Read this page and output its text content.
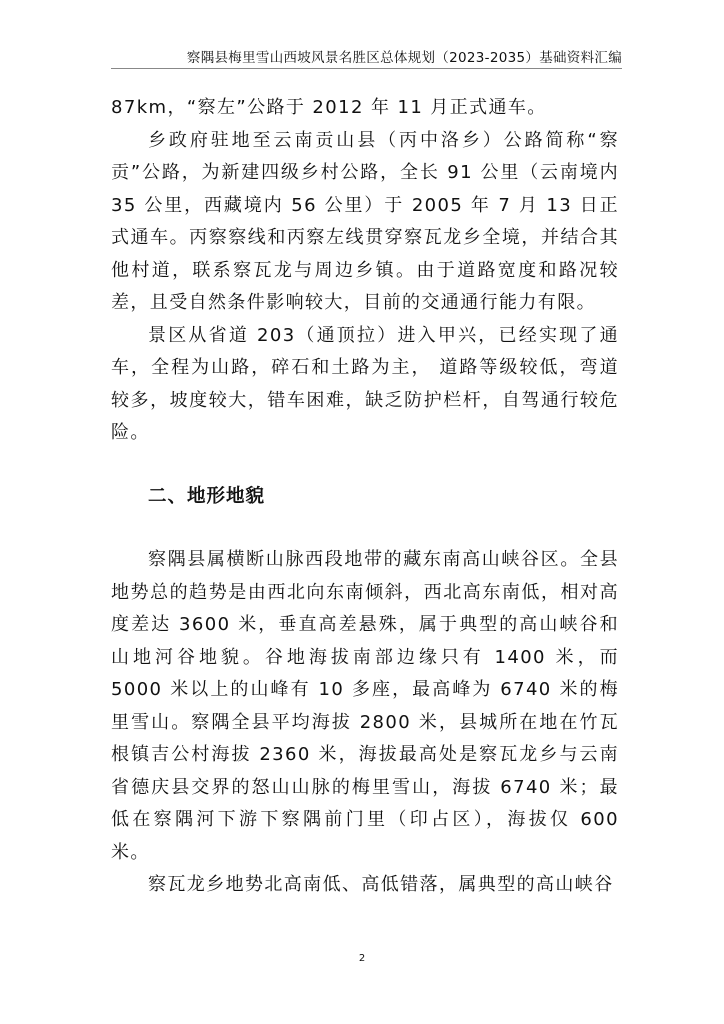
察隅县梅里雪山西坡风景名胜区总体规划（2023-2035）基础资料汇编

87km，“察左”公路于 2012 年 11 月正式通车。

乡政府驻地至云南贡山县（丙中洛乡）公路简称“察贡”公路，为新建四级乡村公路，全长 91 公里（云南境内 35 公里，西藏境内 56 公里）于 2005 年 7 月 13 日正式通车。丙察察线和丙察左线贯穿察瓦龙乡全境，并结合其他村道，联系察瓦龙与周边乡镇。由于道路宽度和路况较差，且受自然条件影响较大，目前的交通通行能力有限。

景区从省道 203（通顶拉）进入甲兴，已经实现了通车，全程为山路，碎石和土路为主， 道路等级较低，弯道较多，坡度较大，错车困难，缺乏防护栏杆，自驾通行较危险。

二、地形地貌

察隅县属横断山脉西段地带的藏东南高山峡谷区。全县地势总的趋势是由西北向东南倾斜，西北高东南低，相对高度差达 3600 米，垂直高差悬殊，属于典型的高山峡谷和山地河谷地貌。谷地海拔南部边缘只有 1400 米，而 5000 米以上的山峰有 10 多座，最高峰为 6740 米的梅里雪山。察隅全县平均海拔 2800 米，县城所在地在竹瓦根镇吉公村海拔 2360 米，海拔最高处是察瓦龙乡与云南省德庆县交界的怒山山脉的梅里雪山，海拔 6740 米；最低在察隅河下游下察隅前门里（印占区），海拔仅 600 米。

察瓦龙乡地势北高南低、高低错落，属典型的高山峡谷

2
